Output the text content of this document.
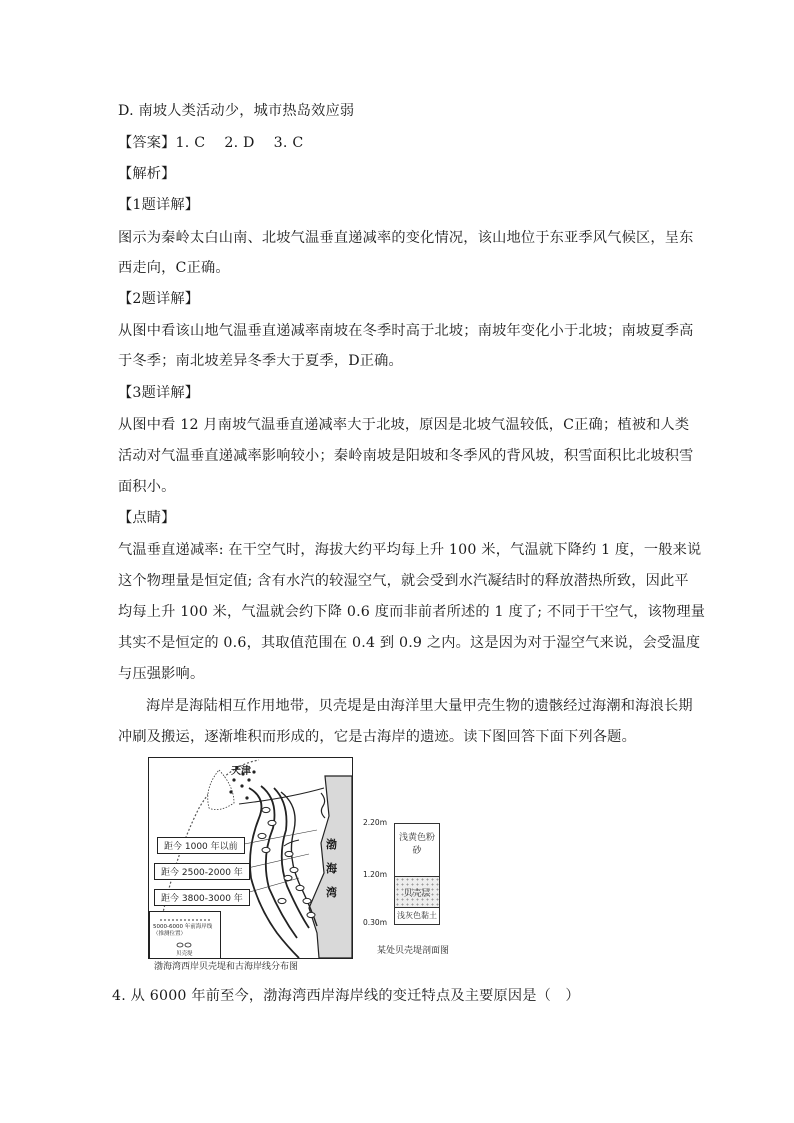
D. 南坡人类活动少，城市热岛效应弱
【答案】1. C　 2. D　 3. C
【解析】
【1题详解】
图示为秦岭太白山南、北坡气温垂直递减率的变化情况，该山地位于东亚季风气候区，呈东
西走向，C正确。
【2题详解】
从图中看该山地气温垂直递减率南坡在冬季时高于北坡；南坡年变化小于北坡；南坡夏季高
于冬季；南北坡差异冬季大于夏季，D正确。
【3题详解】
从图中看 12 月南坡气温垂直递减率大于北坡，原因是北坡气温较低，C正确；植被和人类
活动对气温垂直递减率影响较小；秦岭南坡是阳坡和冬季风的背风坡，积雪面积比北坡积雪
面积小。
【点睛】
气温垂直递减率: 在干空气时，海拔大约平均每上升 100 米，气温就下降约 1 度，一般来说
这个物理量是恒定值; 含有水汽的较湿空气，就会受到水汽凝结时的释放潜热所致，因此平
均每上升 100 米，气温就会约下降 0.6 度而非前者所述的 1 度了; 不同于干空气，该物理量
其实不是恒定的 0.6，其取值范围在 0.4 到 0.9 之内。这是因为对于湿空气来说，会受温度
与压强影响。
海岸是海陆相互作用地带，贝壳堤是由海洋里大量甲壳生物的遗骸经过海潮和海浪长期
冲刷及搬运，逐渐堆积而形成的，它是古海岸的遗迹。读下图回答下面下列各题。
天津
渤
海
湾
距今 1000 年以前
距今 2500-2000 年
距今 3800-3000 年
5000-6000 年前海岸线（推测位置）
贝壳堤
渤海湾西岸贝壳堤和古海岸线分布图
2.20m
1.20m
0.30m
浅黄色粉砂
贝壳层
浅灰色黏土
某处贝壳堤剖面图
4. 从 6000 年前至今，渤海湾西岸海岸线的变迁特点及主要原因是（　）
